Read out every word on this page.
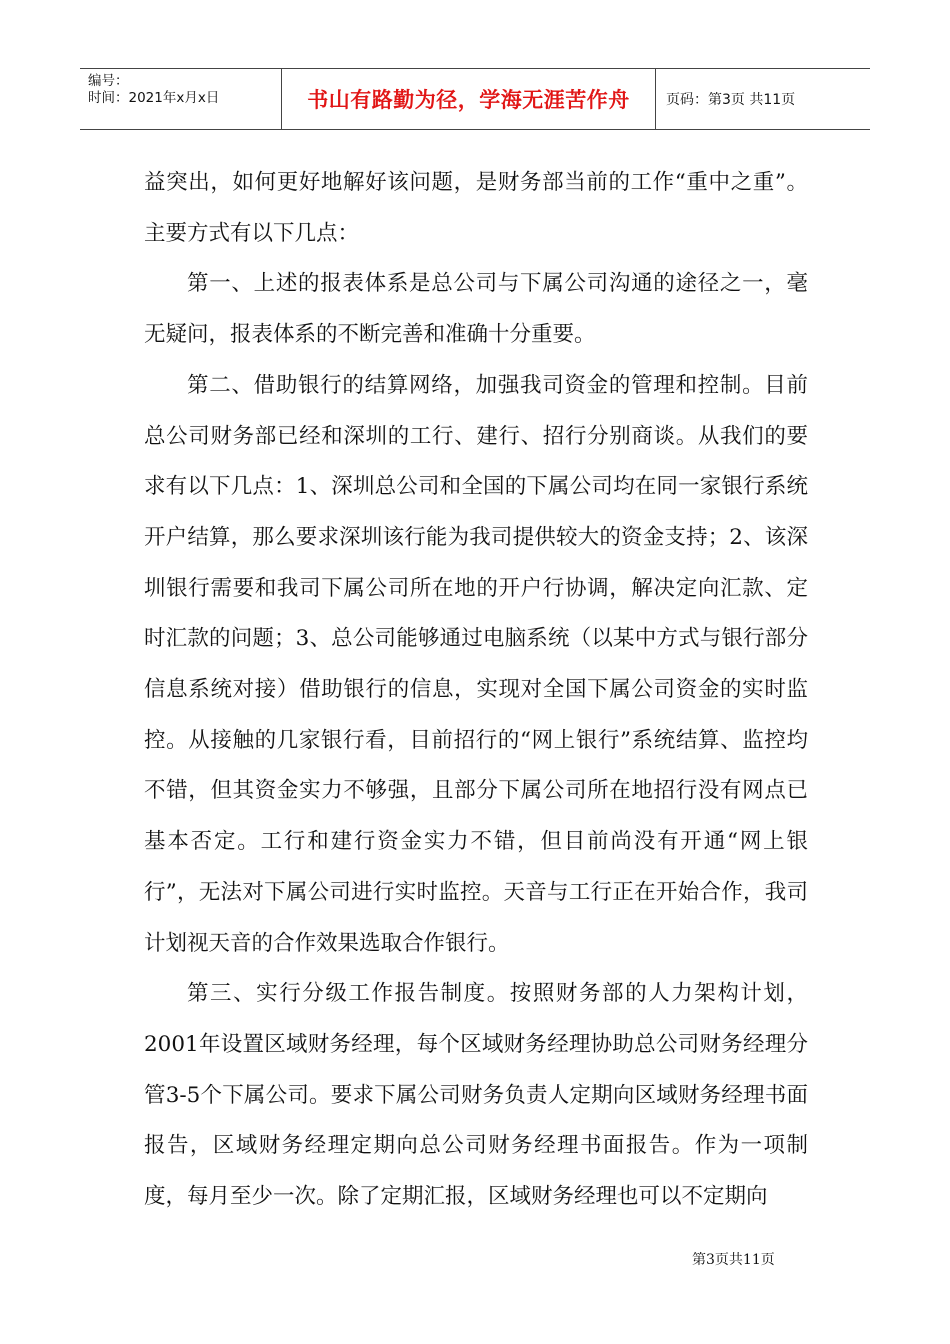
编号：
时间：2021年x月x日	书山有路勤为径，学海无涯苦作舟	页码：第3页 共11页

益突出，如何更好地解好该问题，是财务部当前的工作“重中之重”。主要方式有以下几点：

第一、上述的报表体系是总公司与下属公司沟通的途径之一，毫无疑问，报表体系的不断完善和准确十分重要。

第二、借助银行的结算网络，加强我司资金的管理和控制。目前总公司财务部已经和深圳的工行、建行、招行分别商谈。从我们的要求有以下几点：1、深圳总公司和全国的下属公司均在同一家银行系统开户结算，那么要求深圳该行能为我司提供较大的资金支持；2、该深圳银行需要和我司下属公司所在地的开户行协调，解决定向汇款、定时汇款的问题；3、总公司能够通过电脑系统（以某中方式与银行部分信息系统对接）借助银行的信息，实现对全国下属公司资金的实时监控。从接触的几家银行看，目前招行的“网上银行”系统结算、监控均不错，但其资金实力不够强，且部分下属公司所在地招行没有网点已基本否定。工行和建行资金实力不错，但目前尚没有开通“网上银行”，无法对下属公司进行实时监控。天音与工行正在开始合作，我司计划视天音的合作效果选取合作银行。

第三、实行分级工作报告制度。按照财务部的人力架构计划，2001年设置区域财务经理，每个区域财务经理协助总公司财务经理分管3-5个下属公司。要求下属公司财务负责人定期向区域财务经理书面报告，区域财务经理定期向总公司财务经理书面报告。作为一项制度，每月至少一次。除了定期汇报，区域财务经理也可以不定期向

第3页共11页
